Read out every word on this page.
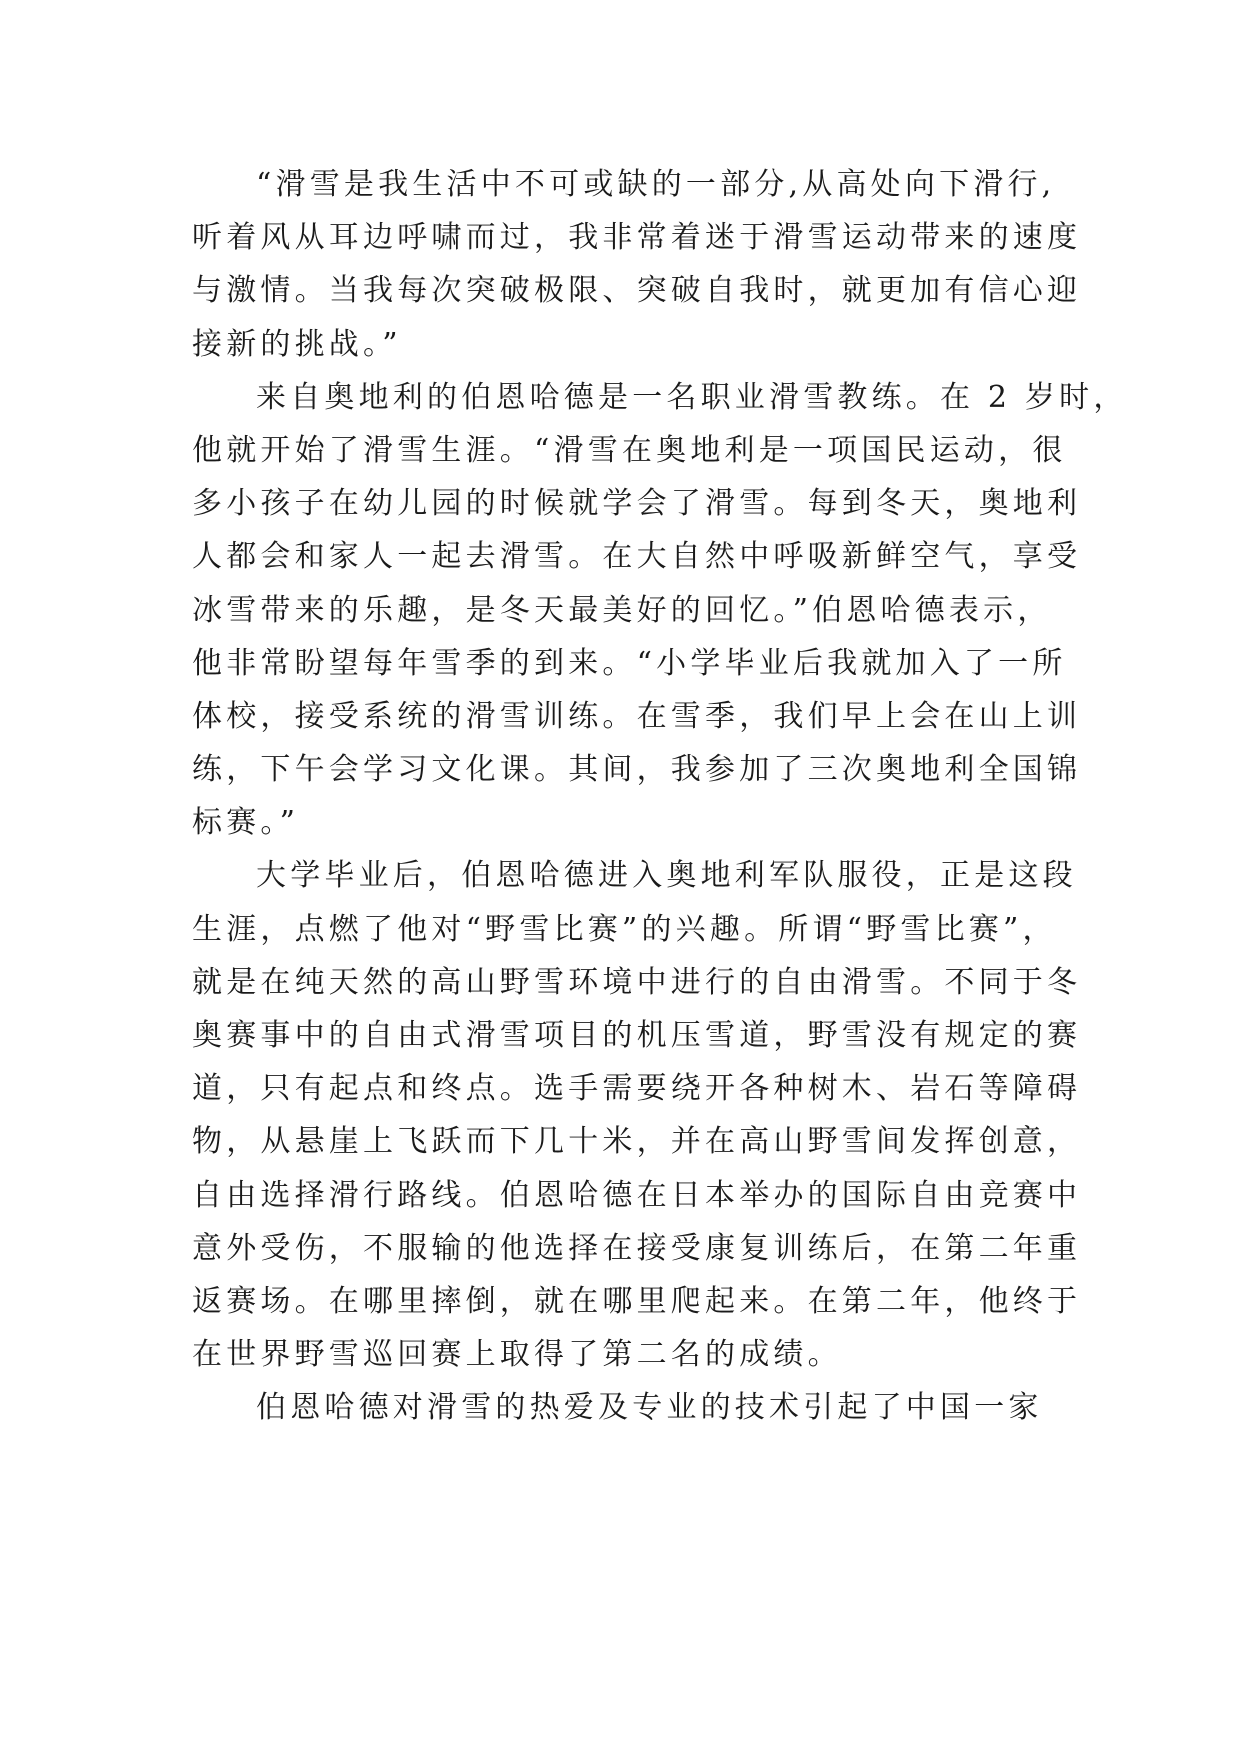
“滑雪是我生活中不可或缺的一部分,从高处向下滑行,
听着风从耳边呼啸而过，我非常着迷于滑雪运动带来的速度
与激情。当我每次突破极限、突破自我时，就更加有信心迎
接新的挑战。”
来自奥地利的伯恩哈德是一名职业滑雪教练。在 2 岁时，
他就开始了滑雪生涯。“滑雪在奥地利是一项国民运动，很
多小孩子在幼儿园的时候就学会了滑雪。每到冬天，奥地利
人都会和家人一起去滑雪。在大自然中呼吸新鲜空气，享受
冰雪带来的乐趣，是冬天最美好的回忆。”伯恩哈德表示，
他非常盼望每年雪季的到来。“小学毕业后我就加入了一所
体校，接受系统的滑雪训练。在雪季，我们早上会在山上训
练，下午会学习文化课。其间，我参加了三次奥地利全国锦
标赛。”
大学毕业后，伯恩哈德进入奥地利军队服役，正是这段
生涯，点燃了他对“野雪比赛”的兴趣。所谓“野雪比赛”，
就是在纯天然的高山野雪环境中进行的自由滑雪。不同于冬
奥赛事中的自由式滑雪项目的机压雪道，野雪没有规定的赛
道，只有起点和终点。选手需要绕开各种树木、岩石等障碍
物，从悬崖上飞跃而下几十米，并在高山野雪间发挥创意，
自由选择滑行路线。伯恩哈德在日本举办的国际自由竞赛中
意外受伤，不服输的他选择在接受康复训练后，在第二年重
返赛场。在哪里摔倒，就在哪里爬起来。在第二年，他终于
在世界野雪巡回赛上取得了第二名的成绩。
伯恩哈德对滑雪的热爱及专业的技术引起了中国一家
